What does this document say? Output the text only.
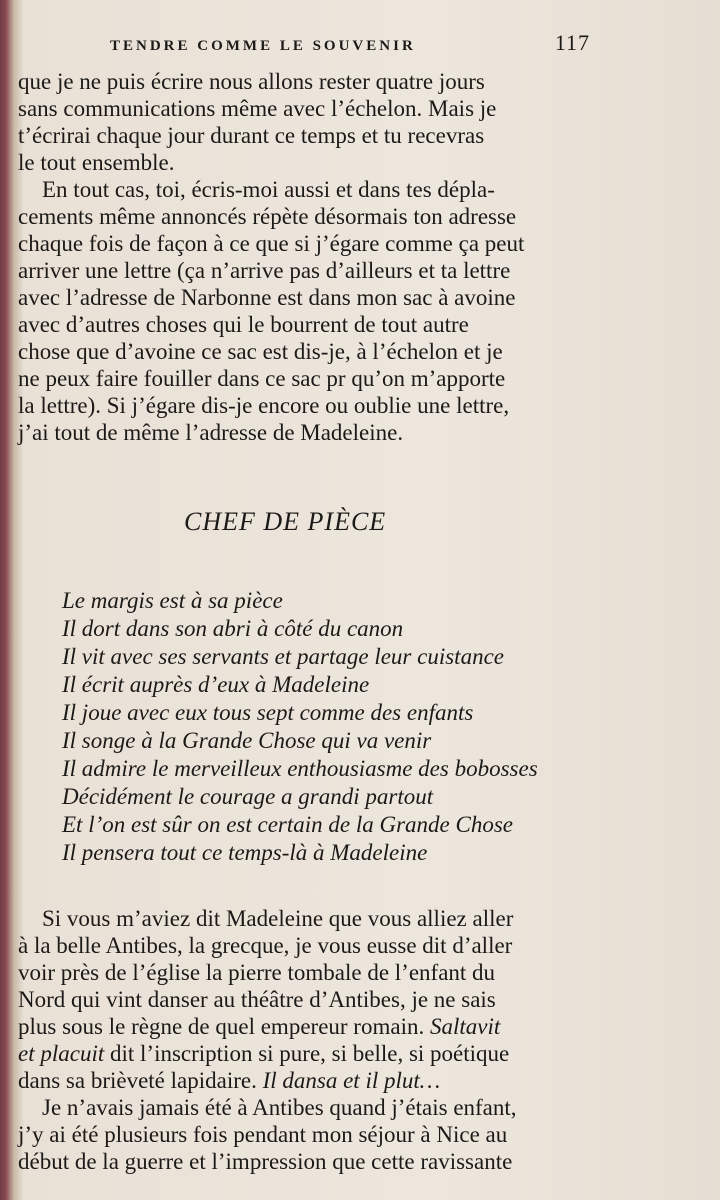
TENDRE COMME LE SOUVENIR	117

que je ne puis écrire nous allons rester quatre jours
sans communications même avec l’échelon. Mais je
t’écrirai chaque jour durant ce temps et tu recevras
le tout ensemble.

En tout cas, toi, écris-moi aussi et dans tes dépla-
cements même annoncés répète désormais ton adresse
chaque fois de façon à ce que si j’égare comme ça peut
arriver une lettre (ça n’arrive pas d’ailleurs et ta lettre
avec l’adresse de Narbonne est dans mon sac à avoine
avec d’autres choses qui le bourrent de tout autre
chose que d’avoine ce sac est dis-je, à l’échelon et je
ne peux faire fouiller dans ce sac pr qu’on m’apporte
la lettre). Si j’égare dis-je encore ou oublie une lettre,
j’ai tout de même l’adresse de Madeleine.

CHEF DE PIÈCE
Le margis est à sa pièce
Il dort dans son abri à côté du canon
Il vit avec ses servants et partage leur cuistance
Il écrit auprès d’eux à Madeleine
Il joue avec eux tous sept comme des enfants
Il songe à la Grande Chose qui va venir
Il admire le merveilleux enthousiasme des bobosses
Décidément le courage a grandi partout
Et l’on est sûr on est certain de la Grande Chose
Il pensera tout ce temps-là à Madeleine

Si vous m’aviez dit Madeleine que vous alliez aller
à la belle Antibes, la grecque, je vous eusse dit d’aller
voir près de l’église la pierre tombale de l’enfant du
Nord qui vint danser au théâtre d’Antibes, je ne sais
plus sous le règne de quel empereur romain. Saltavit
et placuit dit l’inscription si pure, si belle, si poétique
dans sa brièveté lapidaire. Il dansa et il plut…

Je n’avais jamais été à Antibes quand j’étais enfant,
j’y ai été plusieurs fois pendant mon séjour à Nice au
début de la guerre et l’impression que cette ravissante
